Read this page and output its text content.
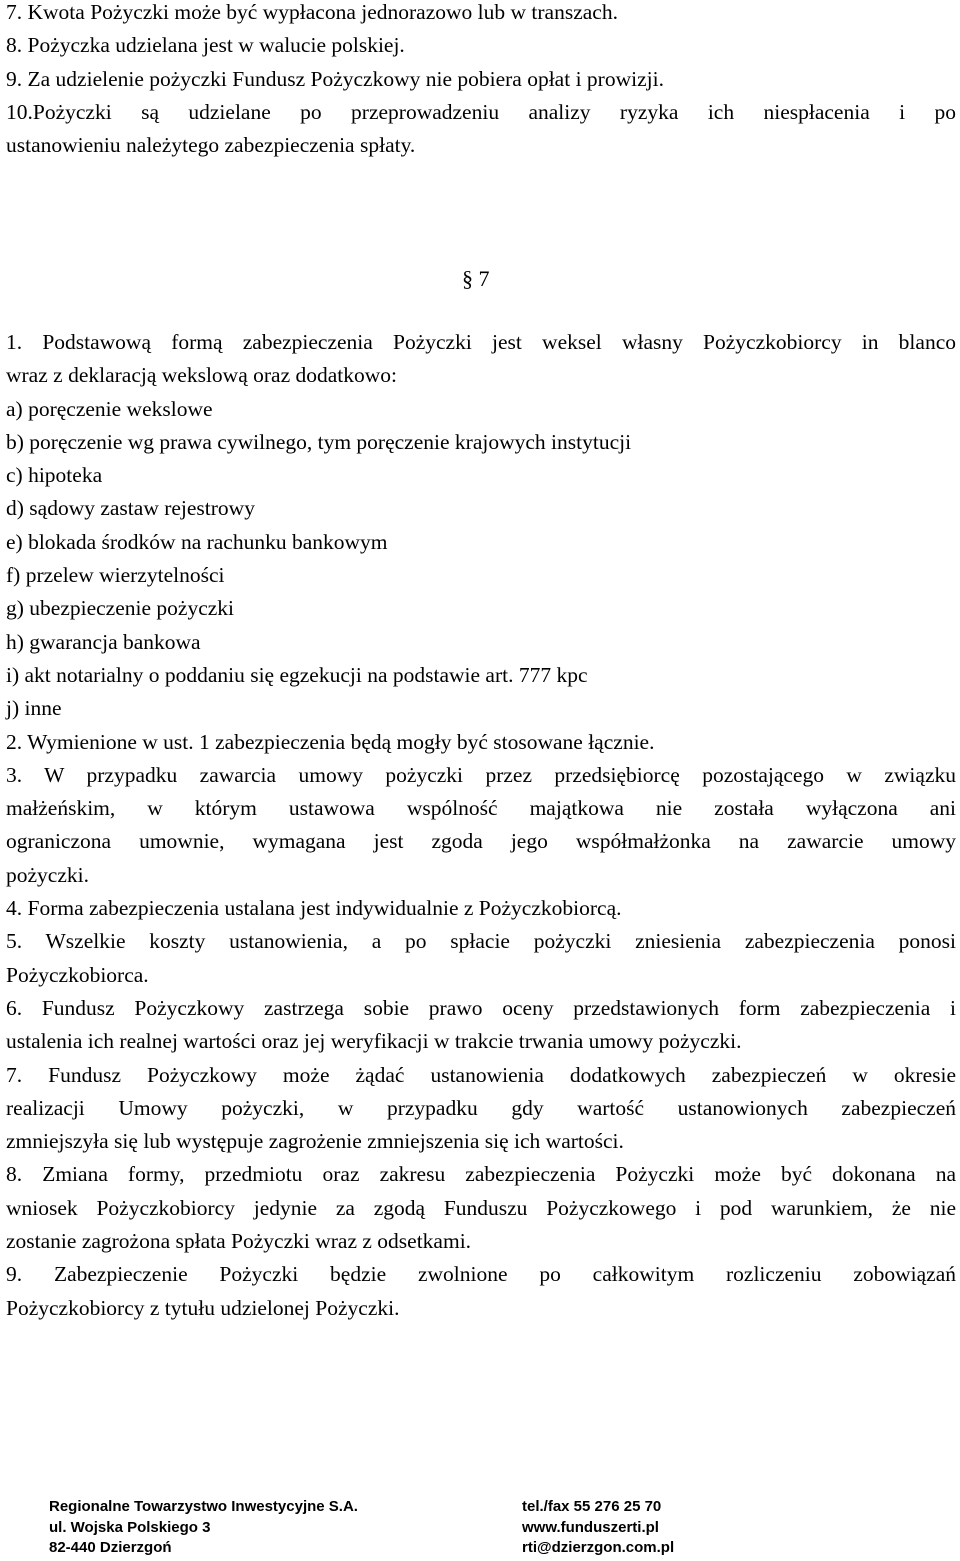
7. Kwota Pożyczki może być wypłacona jednorazowo lub w transzach.
8. Pożyczka udzielana jest w walucie polskiej.
9. Za udzielenie pożyczki Fundusz Pożyczkowy nie pobiera opłat i prowizji.
10.Pożyczki są udzielane po przeprowadzeniu analizy ryzyka ich niespłacenia i po
ustanowieniu należytego zabezpieczenia spłaty.
§ 7
1. Podstawową formą zabezpieczenia Pożyczki jest weksel własny Pożyczkobiorcy in blanco
wraz z deklaracją wekslową oraz dodatkowo:
a) poręczenie wekslowe
b) poręczenie wg prawa cywilnego, tym poręczenie krajowych instytucji
c) hipoteka
d) sądowy zastaw rejestrowy
e) blokada środków na rachunku bankowym
f) przelew wierzytelności
g) ubezpieczenie pożyczki
h) gwarancja bankowa
i) akt notarialny o poddaniu się egzekucji na podstawie art. 777 kpc
j) inne
2. Wymienione w ust. 1 zabezpieczenia będą mogły być stosowane łącznie.
3. W przypadku zawarcia umowy pożyczki przez przedsiębiorcę pozostającego w związku
małżeńskim, w którym ustawowa wspólność majątkowa nie została wyłączona ani
ograniczona umownie, wymagana jest zgoda jego współmałżonka na zawarcie umowy
pożyczki.
4. Forma zabezpieczenia ustalana jest indywidualnie z Pożyczkobiorcą.
5. Wszelkie koszty ustanowienia, a po spłacie pożyczki zniesienia zabezpieczenia ponosi
Pożyczkobiorca.
6. Fundusz Pożyczkowy zastrzega sobie prawo oceny przedstawionych form zabezpieczenia i
ustalenia ich realnej wartości oraz jej weryfikacji w trakcie trwania umowy pożyczki.
7. Fundusz Pożyczkowy może żądać ustanowienia dodatkowych zabezpieczeń w okresie
realizacji Umowy pożyczki, w przypadku gdy wartość ustanowionych zabezpieczeń
zmniejszyła się lub występuje zagrożenie zmniejszenia się ich wartości.
8. Zmiana formy, przedmiotu oraz zakresu zabezpieczenia Pożyczki może być dokonana na
wniosek Pożyczkobiorcy jedynie za zgodą Funduszu Pożyczkowego i pod warunkiem, że nie
zostanie zagrożona spłata Pożyczki wraz z odsetkami.
9. Zabezpieczenie Pożyczki będzie zwolnione po całkowitym rozliczeniu zobowiązań
Pożyczkobiorcy z tytułu udzielonej Pożyczki.
Regionalne Towarzystwo Inwestycyjne S.A.
ul. Wojska Polskiego 3
82-440 Dzierzgoń
tel./fax 55 276 25 70
www.funduszerti.pl
rti@dzierzgon.com.pl
